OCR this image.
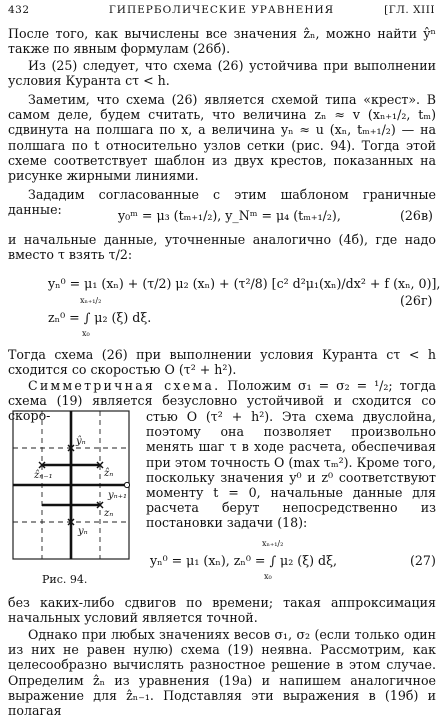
432	ГИПЕРБОЛИЧЕСКИЕ УРАВНЕНИЯ	[ГЛ. XIII
После того, как вычислены все значения ẑₙ, можно найти ŷⁿ также по явным формулам (26б).
Из (25) следует, что схема (26) устойчива при выполнении условия Куранта cτ < h.
Заметим, что схема (26) является схемой типа «крест». В самом деле, будем считать, что величина zₙ ≈ v (xₙ₊₁/₂, tₘ) сдвинута на полшага по x, а величина yₙ ≈ u (xₙ, tₘ₊₁/₂) — на полшага по t относительно узлов сетки (рис. 94). Тогда этой схеме соответствует шаблон из двух крестов, показанных на рисунке жирными линиями.
Зададим согласованные с этим шаблоном граничные данные:	y₀ᵐ = μ₃ (tₘ₊₁/₂), y_Nᵐ = μ₄ (tₘ₊₁/₂),	(26в)
и начальные данные, уточненные аналогично (4б), где надо вместо τ взять τ/2:
yₙ⁰ = μ₁ (xₙ) + (τ/2) μ₂ (xₙ) + (τ²/8) [c² d²μ₁(xₙ)/dx² + f (xₙ, 0)],
xₙ₊₁/₂
zₙ⁰ = ∫ μ₂ (ξ) dξ.
x₀
(26г)
Тогда схема (26) при выполнении условия Куранта cτ < h сходится со скоростью O (τ² + h²).
Симметричная схема. Положим σ₁ = σ₂ = ¹/₂; тогда схема (19) является безусловно устойчивой и сходится со скоро-	стью O (τ² + h²). Эта схема двуслойна, поэтому она позволяет произвольно менять шаг τ в ходе расчета, обеспечивая при этом точность O (max τₘ²). Кроме того, поскольку значения y⁰ и z⁰ соответствуют моменту t = 0, начальные данные для расчета берут непосредственно из постановки задачи (18):
ŷₙ
ẑₙ₋₁	ẑₙ
yₙ₊₁
yₙ
zₙ
Рис. 94.
yₙ⁰ = μ₁ (xₙ), zₙ⁰ = ∫ μ₂ (ξ) dξ,
xₙ₊₁/₂
x₀
(27)
без каких-либо сдвигов по времени; такая аппроксимация начальных условий является точной.
Однако при любых значениях весов σ₁, σ₂ (если только один из них не равен нулю) схема (19) неявна. Рассмотрим, как целесообразно вычислять разностное решение в этом случае. Определим ẑₙ из уравнения (19а) и напишем аналогичное выражение для ẑₙ₋₁. Подставляя эти выражения в (19б) и полагая
